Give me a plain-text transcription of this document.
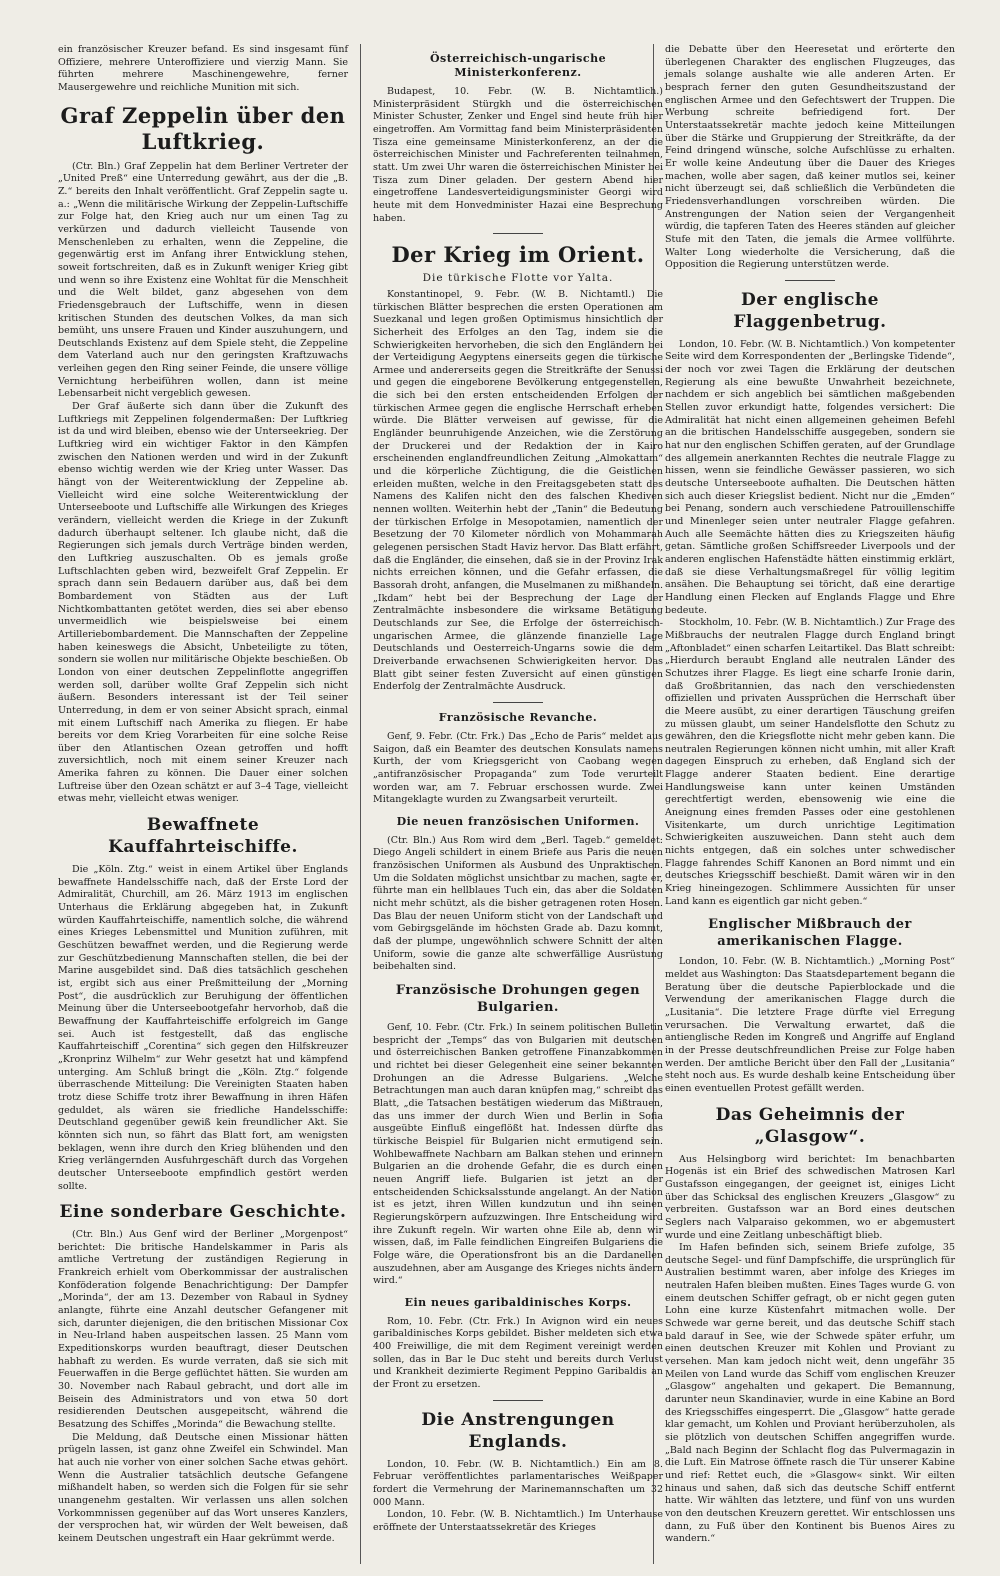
ein französischer Kreuzer befand. Es sind insgesamt fünf Offiziere, mehrere Unteroffiziere und vierzig Mann. Sie führten mehrere Maschinengewehre, ferner Mausergewehre und reichliche Munition mit sich.

Graf Zeppelin über den Luftkrieg.

(Ctr. Bln.) Graf Zeppelin hat dem Berliner Vertreter der „United Preß“ eine Unterredung gewährt, aus der die „B. Z.“ bereits den Inhalt veröffentlicht. Graf Zeppelin sagte u. a.: „Wenn die militärische Wirkung der Zeppelin-Luftschiffe zur Folge hat, den Krieg auch nur um einen Tag zu verkürzen und dadurch vielleicht Tausende von Menschenleben zu erhalten, wenn die Zeppeline, die gegenwärtig erst im Anfang ihrer Entwicklung stehen, soweit fortschreiten, daß es in Zukunft weniger Krieg gibt und wenn so ihre Existenz eine Wohltat für die Menschheit und die Welt bildet, ganz abgesehen von dem Friedensgebrauch der Luftschiffe, wenn in diesen kritischen Stunden des deutschen Volkes, da man sich bemüht, uns unsere Frauen und Kinder auszuhungern, und Deutschlands Existenz auf dem Spiele steht, die Zeppeline dem Vaterland auch nur den geringsten Kraftzuwachs verleihen gegen den Ring seiner Feinde, die unsere völlige Vernichtung herbeiführen wollen, dann ist meine Lebensarbeit nicht vergeblich gewesen.

Der Graf äußerte sich dann über die Zukunft des Luftkriegs mit Zeppelinen folgendermaßen: Der Luftkrieg ist da und wird bleiben, ebenso wie der Unterseekrieg. Der Luftkrieg wird ein wichtiger Faktor in den Kämpfen zwischen den Nationen werden und wird in der Zukunft ebenso wichtig werden wie der Krieg unter Wasser. Das hängt von der Weiterentwicklung der Zeppeline ab. Vielleicht wird eine solche Weiterentwicklung der Unterseeboote und Luftschiffe alle Wirkungen des Krieges verändern, vielleicht werden die Kriege in der Zukunft dadurch überhaupt seltener. Ich glaube nicht, daß die Regierungen sich jemals durch Verträge binden werden, den Luftkrieg auszuschalten. Ob es jemals große Luftschlachten geben wird, bezweifelt Graf Zeppelin. Er sprach dann sein Bedauern darüber aus, daß bei dem Bombardement von Städten aus der Luft Nichtkombattanten getötet werden, dies sei aber ebenso unvermeidlich wie beispielsweise bei einem Artilleriebombardement. Die Mannschaften der Zeppeline haben keineswegs die Absicht, Unbeteiligte zu töten, sondern sie wollen nur militärische Objekte beschießen. Ob London von einer deutschen Zeppelinflotte angegriffen werden soll, darüber wollte Graf Zeppelin sich nicht äußern. Besonders interessant ist der Teil seiner Unterredung, in dem er von seiner Absicht sprach, einmal mit einem Luftschiff nach Amerika zu fliegen. Er habe bereits vor dem Krieg Vorarbeiten für eine solche Reise über den Atlantischen Ozean getroffen und hofft zuversichtlich, noch mit einem seiner Kreuzer nach Amerika fahren zu können. Die Dauer einer solchen Luftreise über den Ozean schätzt er auf 3–4 Tage, vielleicht etwas mehr, vielleicht etwas weniger.

Bewaffnete Kauffahrteischiffe.

Die „Köln. Ztg.“ weist in einem Artikel über Englands bewaffnete Handelsschiffe nach, daß der Erste Lord der Admiralität, Churchill, am 26. März 1913 im englischen Unterhaus die Erklärung abgegeben hat, in Zukunft würden Kauffahrteischiffe, namentlich solche, die während eines Krieges Lebensmittel und Munition zuführen, mit Geschützen bewaffnet werden, und die Regierung werde zur Geschützbedienung Mannschaften stellen, die bei der Marine ausgebildet sind. Daß dies tatsächlich geschehen ist, ergibt sich aus einer Preßmitteilung der „Morning Post“, die ausdrücklich zur Beruhigung der öffentlichen Meinung über die Unterseebootgefahr hervorhob, daß die Bewaffnung der Kauffahrteischiffe erfolgreich im Gange sei. Auch ist festgestellt, daß das englische Kauffahrteischiff „Corentina“ sich gegen den Hilfskreuzer „Kronprinz Wilhelm“ zur Wehr gesetzt hat und kämpfend unterging. Am Schluß bringt die „Köln. Ztg.“ folgende überraschende Mitteilung: Die Vereinigten Staaten haben trotz diese Schiffe trotz ihrer Bewaffnung in ihren Häfen geduldet, als wären sie friedliche Handelsschiffe: Deutschland gegenüber gewiß kein freundlicher Akt. Sie könnten sich nun, so fährt das Blatt fort, am wenigsten beklagen, wenn ihre durch den Krieg blühenden und den Krieg verlängernden Ausfuhrgeschäft durch das Vorgehen deutscher Unterseeboote empfindlich gestört werden sollte.

Eine sonderbare Geschichte.

(Ctr. Bln.) Aus Genf wird der Berliner „Morgenpost“ berichtet: Die britische Handelskammer in Paris als amtliche Vertretung der zuständigen Regierung in Frankreich erhielt vom Oberkommissar der australischen Konföderation folgende Benachrichtigung: Der Dampfer „Morinda“, der am 13. Dezember von Rabaul in Sydney anlangte, führte eine Anzahl deutscher Gefangener mit sich, darunter diejenigen, die den britischen Missionar Cox in Neu-Irland haben auspeitschen lassen. 25 Mann vom Expeditionskorps wurden beauftragt, dieser Deutschen habhaft zu werden. Es wurde verraten, daß sie sich mit Feuerwaffen in die Berge geflüchtet hätten. Sie wurden am 30. November nach Rabaul gebracht, und dort alle im Beisein des Administrators und von etwa 50 dort residierenden Deutschen ausgepeitscht, während die Besatzung des Schiffes „Morinda“ die Bewachung stellte.

Die Meldung, daß Deutsche einen Missionar hätten prügeln lassen, ist ganz ohne Zweifel ein Schwindel. Man hat auch nie vorher von einer solchen Sache etwas gehört. Wenn die Australier tatsächlich deutsche Gefangene mißhandelt haben, so werden sich die Folgen für sie sehr unangenehm gestalten. Wir verlassen uns allen solchen Vorkommnissen gegenüber auf das Wort unseres Kanzlers, der versprochen hat, wir würden der Welt beweisen, daß keinem Deutschen ungestraft ein Haar gekrümmt werde.

Österreichisch-ungarische Ministerkonferenz.

Budapest, 10. Febr. (W. B. Nichtamtlich.) Ministerpräsident Stürgkh und die österreichischen Minister Schuster, Zenker und Engel sind heute früh hier eingetroffen. Am Vormittag fand beim Ministerpräsidenten Tisza eine gemeinsame Ministerkonferenz, an der die österreichischen Minister und Fachreferenten teilnahmen, statt. Um zwei Uhr waren die österreichischen Minister bei Tisza zum Diner geladen. Der gestern Abend hier eingetroffene Landesverteidigungsminister Georgi wird heute mit dem Honvedminister Hazai eine Besprechung haben.

Der Krieg im Orient.
Die türkische Flotte vor Yalta.

Konstantinopel, 9. Febr. (W. B. Nichtamtl.) Die türkischen Blätter besprechen die ersten Operationen am Suezkanal und legen großen Optimismus hinsichtlich der Sicherheit des Erfolges an den Tag, indem sie die Schwierigkeiten hervorheben, die sich den Engländern bei der Verteidigung Aegyptens einerseits gegen die türkische Armee und andererseits gegen die Streitkräfte der Senussi und gegen die eingeborene Bevölkerung entgegenstellen, die sich bei den ersten entscheidenden Erfolgen der türkischen Armee gegen die englische Herrschaft erheben würde. Die Blätter verweisen auf gewisse, für die Engländer beunruhigende Anzeichen, wie die Zerstörung der Druckerei und der Redaktion der in Kairo erscheinenden englandfreundlichen Zeitung „Almokattam“ und die körperliche Züchtigung, die die Geistlichen erleiden mußten, welche in den Freitagsgebeten statt des Namens des Kalifen nicht den des falschen Khediven nennen wollten. Weiterhin hebt der „Tanin“ die Bedeutung der türkischen Erfolge in Mesopotamien, namentlich der Besetzung der 70 Kilometer nördlich von Mohammarah gelegenen persischen Stadt Haviz hervor. Das Blatt erfährt, daß die Engländer, die einsehen, daß sie in der Provinz Irak nichts erreichen können, und die Gefahr erfassen, die Bassorah droht, anfangen, die Muselmanen zu mißhandeln. „Ikdam“ hebt bei der Besprechung der Lage der Zentralmächte insbesondere die wirksame Betätigung Deutschlands zur See, die Erfolge der österreichisch-ungarischen Armee, die glänzende finanzielle Lage Deutschlands und Oesterreich-Ungarns sowie die dem Dreiverbande erwachsenen Schwierigkeiten hervor. Das Blatt gibt seiner festen Zuversicht auf einen günstigen Enderfolg der Zentralmächte Ausdruck.

Französische Revanche.

Genf, 9. Febr. (Ctr. Frk.) Das „Echo de Paris“ meldet aus Saigon, daß ein Beamter des deutschen Konsulats namens Kurth, der vom Kriegsgericht von Caobang wegen „antifranzösischer Propaganda“ zum Tode verurteilt worden war, am 7. Februar erschossen wurde. Zwei Mitangeklagte wurden zu Zwangsarbeit verurteilt.

Die neuen französischen Uniformen.

(Ctr. Bln.) Aus Rom wird dem „Berl. Tageb.“ gemeldet: Diego Angeli schildert in einem Briefe aus Paris die neuen französischen Uniformen als Ausbund des Unpraktischen. Um die Soldaten möglichst unsichtbar zu machen, sagte er, führte man ein hellblaues Tuch ein, das aber die Soldaten nicht mehr schützt, als die bisher getragenen roten Hosen. Das Blau der neuen Uniform sticht von der Landschaft und vom Gebirgsgelände im höchsten Grade ab. Dazu kommt, daß der plumpe, ungewöhnlich schwere Schnitt der alten Uniform, sowie die ganze alte schwerfällige Ausrüstung beibehalten sind.

Französische Drohungen gegen Bulgarien.

Genf, 10. Febr. (Ctr. Frk.) In seinem politischen Bulletin bespricht der „Temps“ das von Bulgarien mit deutschen und österreichischen Banken getroffene Finanzabkommen und richtet bei dieser Gelegenheit eine seiner bekannten Drohungen an die Adresse Bulgariens. „Welche Betrachtungen man auch daran knüpfen mag,“ schreibt das Blatt, „die Tatsachen bestätigen wiederum das Mißtrauen, das uns immer der durch Wien und Berlin in Sofia ausgeübte Einfluß eingeflößt hat. Indessen dürfte das türkische Beispiel für Bulgarien nicht ermutigend sein. Wohlbewaffnete Nachbarn am Balkan stehen und erinnern Bulgarien an die drohende Gefahr, die es durch einen neuen Angriff liefe. Bulgarien ist jetzt an der entscheidenden Schicksalsstunde angelangt. An der Nation ist es jetzt, ihren Willen kundzutun und ihn seinen Regierungskörpern aufzuzwingen. Ihre Entscheidung wird ihre Zukunft regeln. Wir warten ohne Eile ab, denn wir wissen, daß, im Falle feindlichen Eingreifen Bulgariens die Folge wäre, die Operationsfront bis an die Dardanellen auszudehnen, aber am Ausgange des Krieges nichts ändern wird.“

Ein neues garibaldinisches Korps.

Rom, 10. Febr. (Ctr. Frk.) In Avignon wird ein neues garibaldinisches Korps gebildet. Bisher meldeten sich etwa 400 Freiwillige, die mit dem Regiment vereinigt werden sollen, das in Bar le Duc steht und bereits durch Verlust und Krankheit dezimierte Regiment Peppino Garibaldis an der Front zu ersetzen.

Die Anstrengungen Englands.

London, 10. Febr. (W. B. Nichtamtlich.) Ein am 8. Februar veröffentlichtes parlamentarisches Weißpaper fordert die Vermehrung der Marinemannschaften um 32 000 Mann.

London, 10. Febr. (W. B. Nichtamtlich.) Im Unterhause eröffnete der Unterstaatssekretär des Krieges

die Debatte über den Heeresetat und erörterte den überlegenen Charakter des englischen Flugzeuges, das jemals solange aushalte wie alle anderen Arten. Er besprach ferner den guten Gesundheitszustand der englischen Armee und den Gefechtswert der Truppen. Die Werbung schreite befriedigend fort. Der Unterstaatssekretär machte jedoch keine Mitteilungen über die Stärke und Gruppierung der Streitkräfte, da der Feind dringend wünsche, solche Aufschlüsse zu erhalten. Er wolle keine Andeutung über die Dauer des Krieges machen, wolle aber sagen, daß keiner mutlos sei, keiner nicht überzeugt sei, daß schließlich die Verbündeten die Friedensverhandlungen vorschreiben würden. Die Anstrengungen der Nation seien der Vergangenheit würdig, die tapferen Taten des Heeres ständen auf gleicher Stufe mit den Taten, die jemals die Armee vollführte. Walter Long wiederholte die Versicherung, daß die Opposition die Regierung unterstützen werde.

Der englische Flaggenbetrug.

London, 10. Febr. (W. B. Nichtamtlich.) Von kompetenter Seite wird dem Korrespondenten der „Berlingske Tidende“, der noch vor zwei Tagen die Erklärung der deutschen Regierung als eine bewußte Unwahrheit bezeichnete, nachdem er sich angeblich bei sämtlichen maßgebenden Stellen zuvor erkundigt hatte, folgendes versichert: Die Admiralität hat nicht einen allgemeinen geheimen Befehl an die britischen Handelsschiffe ausgegeben, sondern sie hat nur den englischen Schiffen geraten, auf der Grundlage des allgemein anerkannten Rechtes die neutrale Flagge zu hissen, wenn sie feindliche Gewässer passieren, wo sich deutsche Unterseeboote aufhalten. Die Deutschen hätten sich auch dieser Kriegslist bedient. Nicht nur die „Emden“ bei Penang, sondern auch verschiedene Patrouillenschiffe und Minenleger seien unter neutraler Flagge gefahren. Auch alle Seemächte hätten dies zu Kriegszeiten häufig getan. Sämtliche großen Schiffsreeder Liverpools und der anderen englischen Hafenstädte hätten einstimmig erklärt, daß sie diese Verhaltungsmaßregel für völlig legitim ansähen. Die Behauptung sei töricht, daß eine derartige Handlung einen Flecken auf Englands Flagge und Ehre bedeute.

Stockholm, 10. Febr. (W. B. Nichtamtlich.) Zur Frage des Mißbrauchs der neutralen Flagge durch England bringt „Aftonbladet“ einen scharfen Leitartikel. Das Blatt schreibt: „Hierdurch beraubt England alle neutralen Länder des Schutzes ihrer Flagge. Es liegt eine scharfe Ironie darin, daß Großbritannien, das nach den verschiedensten offiziellen und privaten Aussprüchen die Herrschaft über die Meere ausübt, zu einer derartigen Täuschung greifen zu müssen glaubt, um seiner Handelsflotte den Schutz zu gewähren, den die Kriegsflotte nicht mehr geben kann. Die neutralen Regierungen können nicht umhin, mit aller Kraft dagegen Einspruch zu erheben, daß England sich der Flagge anderer Staaten bedient. Eine derartige Handlungsweise kann unter keinen Umständen gerechtfertigt werden, ebensowenig wie eine die Aneignung eines fremden Passes oder eine gestohlenen Visitenkarte, um durch unrichtige Legitimation Schwierigkeiten auszuweichen. Dann steht auch dem nichts entgegen, daß ein solches unter schwedischer Flagge fahrendes Schiff Kanonen an Bord nimmt und ein deutsches Kriegsschiff beschießt. Damit wären wir in den Krieg hineingezogen. Schlimmere Aussichten für unser Land kann es eigentlich gar nicht geben.“

Englischer Mißbrauch der amerikanischen Flagge.

London, 10. Febr. (W. B. Nichtamtlich.) „Morning Post“ meldet aus Washington: Das Staatsdepartement begann die Beratung über die deutsche Papierblockade und die Verwendung der amerikanischen Flagge durch die „Lusitania“. Die letztere Frage dürfte viel Erregung verursachen. Die Verwaltung erwartet, daß die antienglische Reden im Kongreß und Angriffe auf England in der Presse deutschfreundlichen Preise zur Folge haben werden. Der amtliche Bericht über den Fall der „Lusitania“ steht noch aus. Es wurde deshalb keine Entscheidung über einen eventuellen Protest gefällt werden.

Das Geheimnis der „Glasgow“.

Aus Helsingborg wird berichtet: Im benachbarten Hogenäs ist ein Brief des schwedischen Matrosen Karl Gustafsson eingegangen, der geeignet ist, einiges Licht über das Schicksal des englischen Kreuzers „Glasgow“ zu verbreiten. Gustafsson war an Bord eines deutschen Seglers nach Valparaiso gekommen, wo er abgemustert wurde und eine Zeitlang unbeschäftigt blieb.

Im Hafen befinden sich, seinem Briefe zufolge, 35 deutsche Segel- und fünf Dampfschiffe, die ursprünglich für Australien bestimmt waren, aber infolge des Krieges im neutralen Hafen bleiben mußten. Eines Tages wurde G. von einem deutschen Schiffer gefragt, ob er nicht gegen guten Lohn eine kurze Küstenfahrt mitmachen wolle. Der Schwede war gerne bereit, und das deutsche Schiff stach bald darauf in See, wie der Schwede später erfuhr, um einen deutschen Kreuzer mit Kohlen und Proviant zu versehen. Man kam jedoch nicht weit, denn ungefähr 35 Meilen von Land wurde das Schiff vom englischen Kreuzer „Glasgow“ angehalten und gekapert. Die Bemannung, darunter neun Skandinavier, wurde in eine Kabine an Bord des Kriegsschiffes eingesperrt. Die „Glasgow“ hatte gerade klar gemacht, um Kohlen und Proviant herüberzuholen, als sie plötzlich von deutschen Schiffen angegriffen wurde. „Bald nach Beginn der Schlacht flog das Pulvermagazin in die Luft. Ein Matrose öffnete rasch die Tür unserer Kabine und rief: Rettet euch, die »Glasgow« sinkt. Wir eilten hinaus und sahen, daß sich das deutsche Schiff entfernt hatte. Wir wählten das letztere, und fünf von uns wurden von den deutschen Kreuzern gerettet. Wir entschlossen uns dann, zu Fuß über den Kontinent bis Buenos Aires zu wandern.“
